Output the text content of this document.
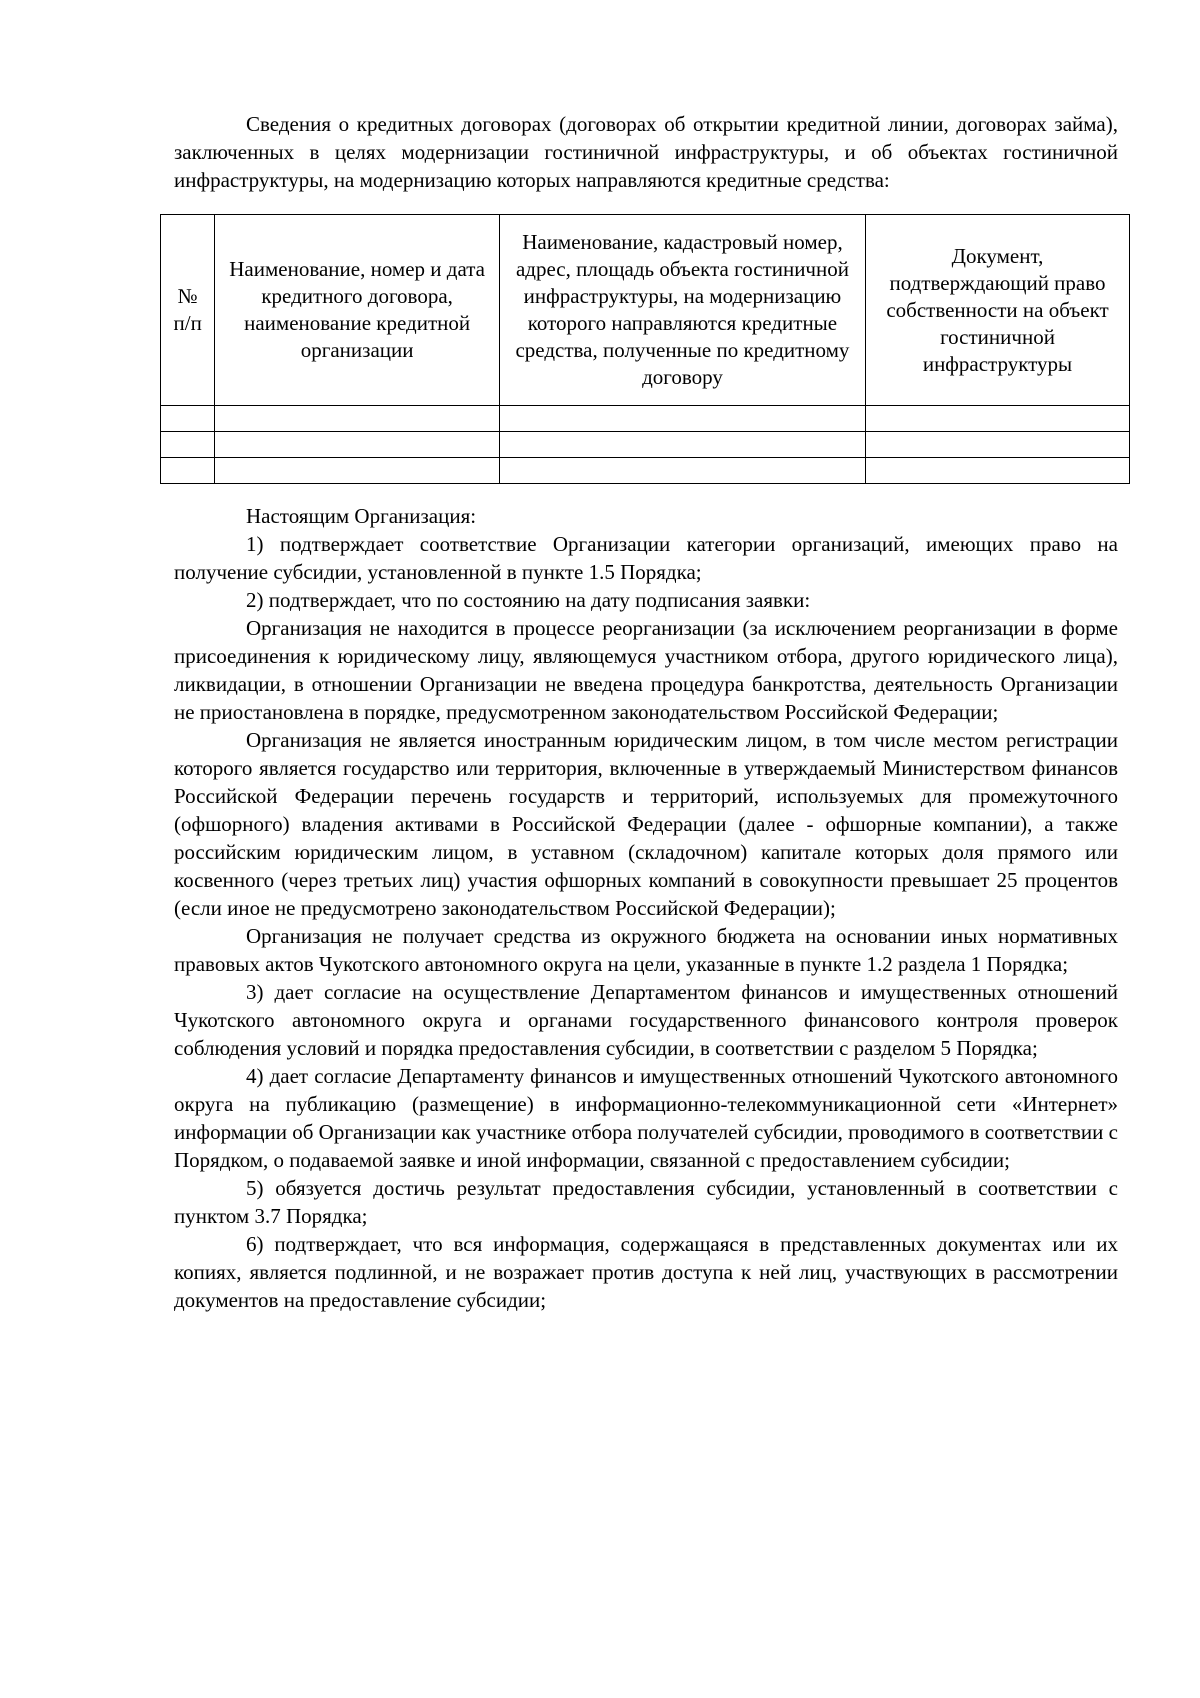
Сведения о кредитных договорах (договорах об открытии кредитной линии, договорах займа), заключенных в целях модернизации гостиничной инфраструктуры, и об объектах гостиничной инфраструктуры, на модернизацию которых направляются кредитные средства:

№ п/п	Наименование, номер и дата кредитного договора, наименование кредитной организации	Наименование, кадастровый номер, адрес, площадь объекта гостиничной инфраструктуры, на модернизацию которого направляются кредитные средства, полученные по кредитному договору	Документ, подтверждающий право собственности на объект гостиничной инфраструктуры

Настоящим Организация:

1) подтверждает соответствие Организации категории организаций, имеющих право на получение субсидии, установленной в пункте 1.5 Порядка;

2) подтверждает, что по состоянию на дату подписания заявки:

Организация не находится в процессе реорганизации (за исключением реорганизации в форме присоединения к юридическому лицу, являющемуся участником отбора, другого юридического лица), ликвидации, в отношении Организации не введена процедура банкротства, деятельность Организации не приостановлена в порядке, предусмотренном законодательством Российской Федерации;

Организация не является иностранным юридическим лицом, в том числе местом регистрации которого является государство или территория, включенные в утверждаемый Министерством финансов Российской Федерации перечень государств и территорий, используемых для промежуточного (офшорного) владения активами в Российской Федерации (далее - офшорные компании), а также российским юридическим лицом, в уставном (складочном) капитале которых доля прямого или косвенного (через третьих лиц) участия офшорных компаний в совокупности превышает 25 процентов (если иное не предусмотрено законодательством Российской Федерации);

Организация не получает средства из окружного бюджета на основании иных нормативных правовых актов Чукотского автономного округа на цели, указанные в пункте 1.2 раздела 1 Порядка;

3) дает согласие на осуществление Департаментом финансов и имущественных отношений Чукотского автономного округа и органами государственного финансового контроля проверок соблюдения условий и порядка предоставления субсидии, в соответствии с разделом 5 Порядка;

4) дает согласие Департаменту финансов и имущественных отношений Чукотского автономного округа на публикацию (размещение) в информационно-телекоммуникационной сети «Интернет» информации об Организации как участнике отбора получателей субсидии, проводимого в соответствии с Порядком, о подаваемой заявке и иной информации, связанной с предоставлением субсидии;

5) обязуется достичь результат предоставления субсидии, установленный в соответствии с пунктом 3.7 Порядка;

6) подтверждает, что вся информация, содержащаяся в представленных документах или их копиях, является подлинной, и не возражает против доступа к ней лиц, участвующих в рассмотрении документов на предоставление субсидии;
